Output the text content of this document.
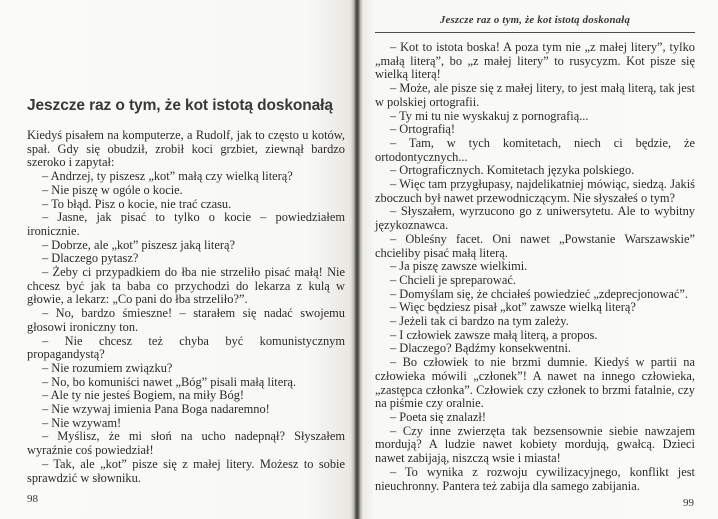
Jeszcze raz o tym, że kot istotą doskonałą

Kiedyś pisałem na komputerze, a Rudolf, jak to często u kotów, spał. Gdy się obudził, zrobił koci grzbiet, ziewnął bardzo szeroko i zapytał:

– Andrzej, ty piszesz „kot” małą czy wielką literą?

– Nie piszę w ogóle o kocie.

– To błąd. Pisz o kocie, nie trać czasu.

– Jasne, jak pisać to tylko o kocie – powiedziałem ironicznie.

– Dobrze, ale „kot” piszesz jaką literą?

– Dlaczego pytasz?

– Żeby ci przypadkiem do łba nie strzeliło pisać małą! Nie chcesz być jak ta baba co przychodzi do lekarza z kulą w głowie, a lekarz: „Co pani do łba strzeliło?”.

– No, bardzo śmieszne! – starałem się nadać swojemu głosowi ironiczny ton.

– Nie chcesz też chyba być komunistycznym propagandystą?

– Nie rozumiem związku?

– No, bo komuniści nawet „Bóg” pisali małą literą.

– Ale ty nie jesteś Bogiem, na miły Bóg!

– Nie wzywaj imienia Pana Boga nadaremno!

– Nie wzywam!

– Myślisz, że mi słoń na ucho nadepnął? Słyszałem wyraźnie coś powiedział!

– Tak, ale „kot” pisze się z małej litery. Możesz to sobie sprawdzić w słowniku.

98
Jeszcze raz o tym, że kot istotą doskonałą

– Kot to istota boska! A poza tym nie „z małej litery”, tylko „małą literą”, bo „z małej litery” to rusycyzm. Kot pisze się wielką literą!

– Może, ale pisze się z małej litery, to jest małą literą, tak jest w polskiej ortografii.

– Ty mi tu nie wyskakuj z pornografią...

– Ortografią!

– Tam, w tych komitetach, niech ci będzie, że ortodontycznych...

– Ortograficznych. Komitetach języka polskiego.

– Więc tam przygłupasy, najdelikatniej mówiąc, siedzą. Jakiś zboczuch był nawet przewodniczącym. Nie słyszałeś o tym?

– Słyszałem, wyrzucono go z uniwersytetu. Ale to wybitny językoznawca.

– Obleśny facet. Oni nawet „Powstanie Warszawskie” chcieliby pisać małą literą.

– Ja piszę zawsze wielkimi.

– Chcieli je spreparować.

– Domyślam się, że chciałeś powiedzieć „zdeprecjonować”.

– Więc będziesz pisał „kot” zawsze wielką literą?

– Jeżeli tak ci bardzo na tym zależy.

– I człowiek zawsze małą literą, a propos.

– Dlaczego? Bądźmy konsekwentni.

– Bo człowiek to nie brzmi dumnie. Kiedyś w partii na człowieka mówili „członek”! A nawet na innego człowieka, „zastępca członka”. Człowiek czy członek to brzmi fatalnie, czy na piśmie czy oralnie.

– Poeta się znalazł!

– Czy inne zwierzęta tak bezsensownie siebie nawzajem mordują? A ludzie nawet kobiety mordują, gwałcą. Dzieci nawet zabijają, niszczą wsie i miasta!

– To wynika z rozwoju cywilizacyjnego, konflikt jest nieuchronny. Pantera też zabija dla samego zabijania.

99
